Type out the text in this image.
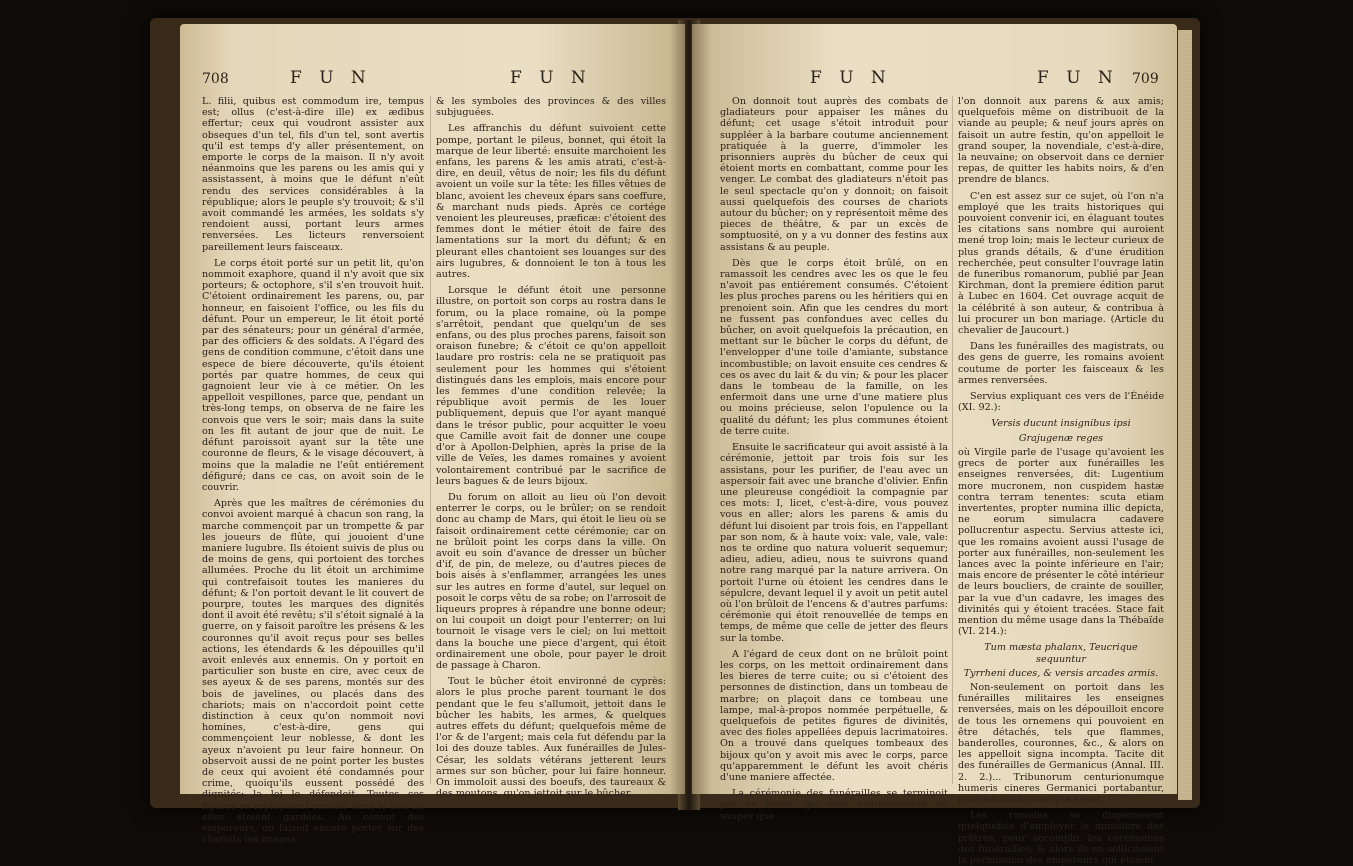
708	F U N	F U N

L. filii, quibus est commodum ire, tempus est; ollus (c'est-à-dire ille) ex ædibus effertur; ceux qui voudront assister aux obseques d'un tel, fils d'un tel, sont avertis qu'il est temps d'y aller présentement, on emporte le corps de la maison. Il n'y avoit néanmoins que les parens ou les amis qui y assistassent, à moins que le défunt n'eût rendu des services considérables à la république; alors le peuple s'y trouvoit; & s'il avoit commandé les armées, les soldats s'y rendoient aussi, portant leurs armes renversées. Les licteurs renversoient pareillement leurs faisceaux.

Le corps étoit porté sur un petit lit, qu'on nommoit exaphore, quand il n'y avoit que six porteurs; & octophore, s'il s'en trouvoit huit. C'étoient ordinairement les parens, ou, par honneur, en faisoient l'office, ou les fils du défunt. Pour un empereur, le lit étoit porté par des sénateurs; pour un général d'armée, par des officiers & des soldats. A l'égard des gens de condition commune, c'étoit dans une espece de biere découverte, qu'ils étoient portés par quatre hommes, de ceux qui gagnoient leur vie à ce métier. On les appelloit vespillones, parce que, pendant un très-long temps, on observa de ne faire les convois que vers le soir; mais dans la suite on les fit autant de jour que de nuit. Le défunt paroissoit ayant sur la tête une couronne de fleurs, & le visage découvert, à moins que la maladie ne l'eût entiérement défiguré; dans ce cas, on avoit soin de le couvrir.

Après que les maîtres de cérémonies du convoi avoient marqué à chacun son rang, la marche commençoit par un trompette & par les joueurs de flûte, qui jouoient d'une maniere lugubre. Ils étoient suivis de plus ou de moins de gens, qui portoient des torches allumées. Proche du lit étoit un archimime qui contrefaisoit toutes les manieres du défunt; & l'on portoit devant le lit couvert de pourpre, toutes les marques des dignités dont il avoit été revêtu; s'il s'étoit signalé à la guerre, on y faisoit paroître les présens & les couronnes qu'il avoit reçus pour ses belles actions, les étendards & les dépouilles qu'il avoit enlevés aux ennemis. On y portoit en particulier son buste en cire, avec ceux de ses ayeux & de ses parens, montés sur des bois de javelines, ou placés dans des chariots; mais on n'accordoit point cette distinction à ceux qu'on nommoit novi homines, c'est-à-dire, gens qui commençoient leur noblesse, & dont les ayeux n'avoient pu leur faire honneur. On observoit aussi de ne point porter les bustes de ceux qui avoient été condamnés pour crime, quoiqu'ils eussent possédé des dignités; la loi le défendoit. Toutes ces figures se replaçoient ensuite dans le lieu où elles étoient gardées. Au convoi des empereurs, on faisoit encore porter sur des chariots les images

& les symboles des provinces & des villes subjuguées.

Les affranchis du défunt suivoient cette pompe, portant le pileus, bonnet, qui étoit la marque de leur liberté: ensuite marchoient les enfans, les parens & les amis atrati, c'est-à-dire, en deuil, vêtus de noir; les fils du défunt avoient un voile sur la tête: les filles vêtues de blanc, avoient les cheveux épars sans coeffure, & marchant nuds pieds. Après ce cortége venoient les pleureuses, præficæ: c'étoient des femmes dont le métier étoit de faire des lamentations sur la mort du défunt; & en pleurant elles chantoient ses louanges sur des airs lugubres, & donnoient le ton à tous les autres.

Lorsque le défunt étoit une personne illustre, on portoit son corps au rostra dans le forum, ou la place romaine, où la pompe s'arrêtoit, pendant que quelqu'un de ses enfans, ou des plus proches parens, faisoit son oraison funebre; & c'étoit ce qu'on appelloit laudare pro rostris: cela ne se pratiquoit pas seulement pour les hommes qui s'étoient distingués dans les emplois, mais encore pour les femmes d'une condition relevée; la république avoit permis de les louer publiquement, depuis que l'or ayant manqué dans le trésor public, pour acquitter le voeu que Camille avoit fait de donner une coupe d'or à Apollon-Delphien, après la prise de la ville de Veïes, les dames romaines y avoient volontairement contribué par le sacrifice de leurs bagues & de leurs bijoux.

Du forum on alloit au lieu où l'on devoit enterrer le corps, ou le brûler; on se rendoit donc au champ de Mars, qui étoit le lieu où se faisoit ordinairement cette cérémonie; car on ne brûloit point les corps dans la ville. On avoit eu soin d'avance de dresser un bûcher d'if, de pin, de meleze, ou d'autres pieces de bois aisés à s'enflammer, arrangées les unes sur les autres en forme d'autel, sur lequel on posoit le corps vêtu de sa robe; on l'arrosoit de liqueurs propres à répandre une bonne odeur; on lui coupoit un doigt pour l'enterrer; on lui tournoit le visage vers le ciel; on lui mettoit dans la bouche une piece d'argent, qui étoit ordinairement une obole, pour payer le droit de passage à Charon.

Tout le bûcher étoit environné de cyprès: alors le plus proche parent tournant le dos pendant que le feu s'allumoit, jettoit dans le bûcher les habits, les armes, & quelques autres effets du défunt; quelquefois même de l'or & de l'argent; mais cela fut défendu par la loi des douze tables. Aux funérailles de Jules-César, les soldats vétérans jetterent leurs armes sur son bûcher, pour lui faire honneur. On immoloit aussi des boeufs, des taureaux & des moutons, qu'on jettoit sur le bûcher.

F U N	F U N 709

On donnoit tout auprès des combats de gladiateurs pour appaiser les mânes du défunt; cet usage s'étoit introduit pour suppléer à la barbare coutume anciennement pratiquée à la guerre, d'immoler les prisonniers auprès du bûcher de ceux qui étoient morts en combattant, comme pour les venger. Le combat des gladiateurs n'étoit pas le seul spectacle qu'on y donnoit; on faisoit aussi quelquefois des courses de chariots autour du bûcher; on y représentoit même des pieces de théâtre, & par un excès de somptuosité, on y a vu donner des festins aux assistans & au peuple.

Dès que le corps étoit brûlé, on en ramassoit les cendres avec les os que le feu n'avoit pas entiérement consumés. C'étoient les plus proches parens ou les héritiers qui en prenoient soin. Afin que les cendres du mort ne fussent pas confondues avec celles du bûcher, on avoit quelquefois la précaution, en mettant sur le bûcher le corps du défunt, de l'envelopper d'une toile d'amiante, substance incombustible; on lavoit ensuite ces cendres & ces os avec du lait & du vin; & pour les placer dans le tombeau de la famille, on les enfermoit dans une urne d'une matiere plus ou moins précieuse, selon l'opulence ou la qualité du défunt; les plus communes étoient de terre cuite.

Ensuite le sacrificateur qui avoit assisté à la cérémonie, jettoit par trois fois sur les assistans, pour les purifier, de l'eau avec un aspersoir fait avec une branche d'olivier. Enfin une pleureuse congédioit la compagnie par ces mots: I, licet, c'est-à-dire, vous pouvez vous en aller; alors les parens & amis du défunt lui disoient par trois fois, en l'appellant par son nom, & à haute voix: vale, vale, vale: nos te ordine quo natura voluerit sequemur; adieu, adieu, adieu, nous te suivrons quand notre rang marqué par la nature arrivera. On portoit l'urne où étoient les cendres dans le sépulcre, devant lequel il y avoit un petit autel où l'on brûloit de l'encens & d'autres parfums: cérémonie qui étoit renouvellée de temps en temps, de même que celle de jetter des fleurs sur la tombe.

A l'égard de ceux dont on ne brûloit point les corps, on les mettoit ordinairement dans les bieres de terre cuite; ou si c'étoient des personnes de distinction, dans un tombeau de marbre; on plaçoit dans ce tombeau une lampe, mal-à-propos nommée perpétuelle, & quelquefois de petites figures de divinités, avec des fioles appellées depuis lacrimatoires. On a trouvé dans quelques tombeaux des bijoux qu'on y avoit mis avec le corps, parce qu'apparemment le défunt les avoit chéris d'une maniere affectée.

La cérémonie des funérailles se terminoit par un festin, qui étoit ordinairement un souper que

l'on donnoit aux parens & aux amis; quelquefois même on distribuoit de la viande au peuple; & neuf jours après on faisoit un autre festin, qu'on appelloit le grand souper, la novendiale, c'est-à-dire, la neuvaine; on observoit dans ce dernier repas, de quitter les habits noirs, & d'en prendre de blancs.

C'en est assez sur ce sujet, où l'on n'a employé que les traits historiques qui pouvoient convenir ici, en élaguant toutes les citations sans nombre qui auroient mené trop loin; mais le lecteur curieux de plus grands détails, & d'une érudition recherchée, peut consulter l'ouvrage latin de funeribus romanorum, publié par Jean Kirchman, dont la premiere édition parut à Lubec en 1604. Cet ouvrage acquit de la célébrité à son auteur, & contribua à lui procurer un bon mariage. (Article du chevalier de Jaucourt.)

Dans les funérailles des magistrats, ou des gens de guerre, les romains avoient coutume de porter les faisceaux & les armes renversées.

Servius expliquant ces vers de l'Énéide (XI. 92.):

Versis ducunt insignibus ipsi

Grajugenæ reges

où Virgile parle de l'usage qu'avoient les grecs de porter aux funérailles les enseignes renversées, dit: Lugentium more mucronem, non cuspidem hastæ contra terram tenentes: scuta etiam invertentes, propter numina illic depicta, ne eorum simulacra cadavere pollucrentur aspectu. Servius atteste ici, que les romains avoient aussi l'usage de porter aux funérailles, non-seulement les lances avec la pointe inférieure en l'air; mais encore de présenter le côté intérieur de leurs boucliers, de crainte de souiller, par la vue d'un cadavre, les images des divinités qui y étoient tracées. Stace fait mention du même usage dans la Thébaïde (VI. 214.):

Tum mæsta phalanx, Teucrique sequuntur

Tyrrheni duces, & versis arcades armis.

Non-seulement on portoit dans les funérailles militaires les enseignes renversées, mais on les dépouilloit encore de tous les ornemens qui pouvoient en être détachés, tels que flammes, banderolles, couronnes, &c., & alors on les appelloit signa incompta. Tacite dit des funérailles de Germanicus (Annal. III. 2. 2.)... Tribunorum centurionumque humeris cineres Germanici portabantur, præcedebant incompta signa.

Les romains se dispensoient quelquefois d'employer le ministere des prêtres, pour accomplir les cérémonies des funérailles; & alors ils en sollicitoient la permission des empereurs qui étoient
